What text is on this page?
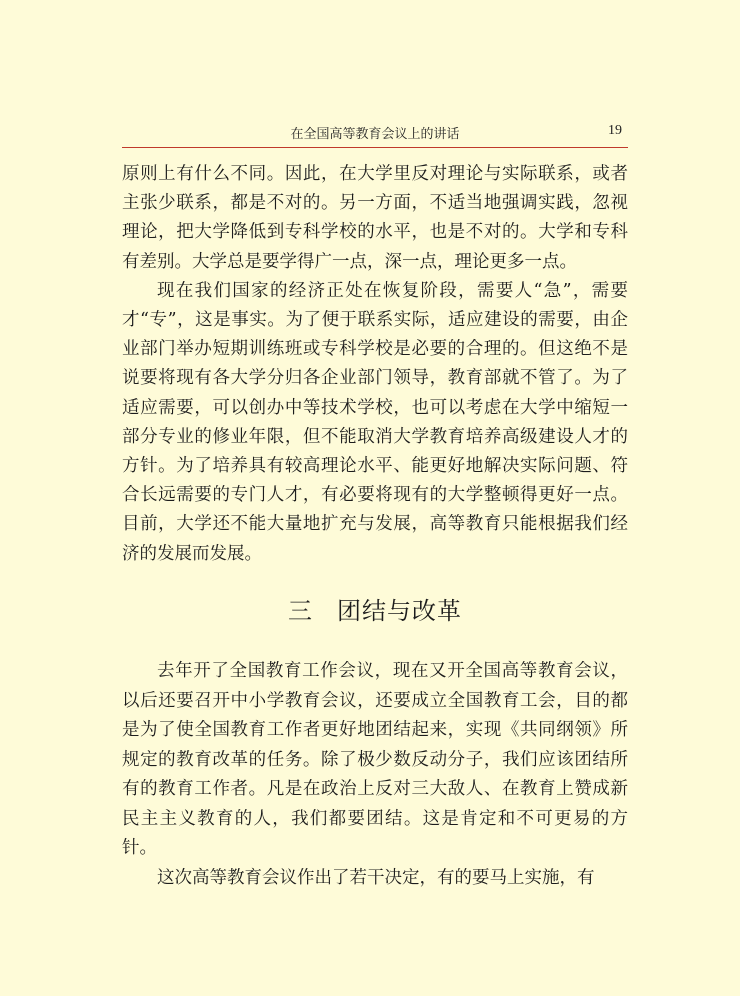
在全国高等教育会议上的讲话	19

原则上有什么不同。因此，在大学里反对理论与实际联系，或者主张少联系，都是不对的。另一方面，不适当地强调实践，忽视理论，把大学降低到专科学校的水平，也是不对的。大学和专科有差别。大学总是要学得广一点，深一点，理论更多一点。

现在我们国家的经济正处在恢复阶段，需要人“急”，需要才“专”，这是事实。为了便于联系实际，适应建设的需要，由企业部门举办短期训练班或专科学校是必要的合理的。但这绝不是说要将现有各大学分归各企业部门领导，教育部就不管了。为了适应需要，可以创办中等技术学校，也可以考虑在大学中缩短一部分专业的修业年限，但不能取消大学教育培养高级建设人才的方针。为了培养具有较高理论水平、能更好地解决实际问题、符合长远需要的专门人才，有必要将现有的大学整顿得更好一点。目前，大学还不能大量地扩充与发展，高等教育只能根据我们经济的发展而发展。

三 团结与改革

去年开了全国教育工作会议，现在又开全国高等教育会议，以后还要召开中小学教育会议，还要成立全国教育工会，目的都是为了使全国教育工作者更好地团结起来，实现《共同纲领》所规定的教育改革的任务。除了极少数反动分子，我们应该团结所有的教育工作者。凡是在政治上反对三大敌人、在教育上赞成新民主主义教育的人，我们都要团结。这是肯定和不可更易的方针。

这次高等教育会议作出了若干决定，有的要马上实施，有
